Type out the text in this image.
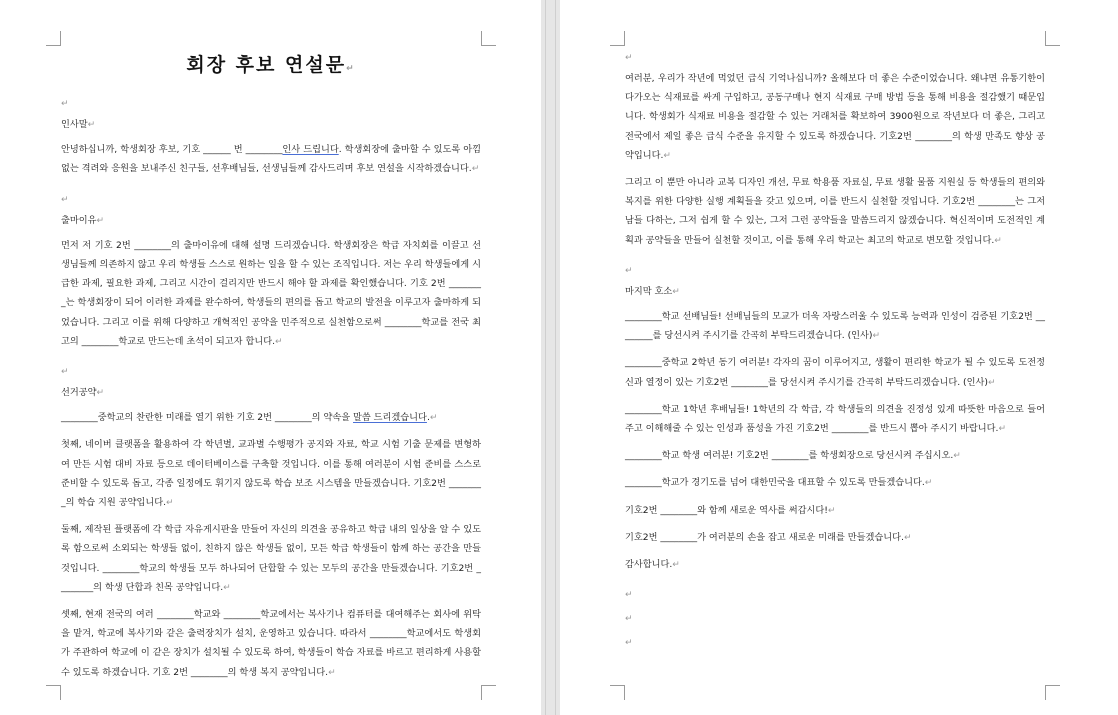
회장 후보 연설문↵
↵
인사말↵
안녕하십니까, 학생회장 후보, 기호 ______ 번 ________인사 드립니다. 학생회장에 출마할 수 있도록 아낌없는 격려와 응원을 보내주신 친구들, 선후배님들, 선생님들께 감사드리며 후보 연설을 시작하겠습니다.↵
↵
출마이유↵
먼저 저 기호 2번 ________의 출마이유에 대해 설명 드리겠습니다. 학생회장은 학급 자치회를 이끌고 선생님들께 의존하지 않고 우리 학생들 스스로 원하는 일을 할 수 있는 조직입니다. 저는 우리 학생들에게 시급한 과제, 필요한 과제, 그리고 시간이 걸리지만 반드시 해야 할 과제를 확인했습니다. 기호 2번 ________는 학생회장이 되어 이러한 과제를 완수하여, 학생들의 편의를 돕고 학교의 발전을 이루고자 출마하게 되었습니다. 그리고 이를 위해 다양하고 개혁적인 공약을 민주적으로 실천함으로써 ________학교를 전국 최고의 ________학교로 만드는데 초석이 되고자 합니다.↵
↵
선거공약↵
________중학교의 찬란한 미래를 열기 위한 기호 2번 ________의 약속을 말씀 드리겠습니다.↵
첫째, 네이버 클랫폼을 활용하여 각 학년별, 교과별 수행평가 공지와 자료, 학교 시험 기출 문제를 변형하여 만든 시험 대비 자료 등으로 데이터베이스를 구축할 것입니다. 이를 통해 여러분이 시험 준비를 스스로 준비할 수 있도록 돕고, 각종 일정에도 휘기지 않도록 학습 보조 시스템을 만들겠습니다. 기호2번 ________의 학습 지원 공약입니다.↵
둘째, 제작된 플랫폼에 각 학급 자유게시판을 만들어 자신의 의견을 공유하고 학급 내의 일상을 알 수 있도록 함으로써 소외되는 학생들 없이, 친하지 않은 학생들 없이, 모든 학급 학생들이 함께 하는 공간을 만들 것입니다. ________학교의 학생들 모두 하나되어 단합할 수 있는 모두의 공간을 만들겠습니다. 기호2번 ________의 학생 단합과 친목 공약입니다.↵
셋째, 현재 전국의 여러 ________학교와 ________학교에서는 복사기나 컴퓨터를 대여해주는 회사에 위탁을 맡겨, 학교에 복사기와 같은 출력장치가 설치, 운영하고 있습니다. 따라서 ________학교에서도 학생회가 주관하여 학교에 이 같은 장치가 설치될 수 있도록 하여, 학생들이 학습 자료를 바르고 편리하게 사용할 수 있도록 하겠습니다. 기호 2번 ________의 학생 복지 공약입니다.↵
↵
여러분, 우리가 작년에 먹었던 급식 기억나십니까? 올해보다 더 좋은 수준이었습니다. 왜냐면 유통기한이 다가오는 식재료를 싸게 구입하고, 공동구매나 현지 식재료 구매 방법 등을 통해 비용을 절감했기 때문입니다. 학생회가 식재료 비용을 절감할 수 있는 거래처를 확보하여 3900원으로 작년보다 더 좋은, 그리고 전국에서 제일 좋은 급식 수준을 유지할 수 있도록 하겠습니다. 기호2번 ________의 학생 만족도 향상 공약입니다.↵
그리고 이 뿐만 아니라 교복 디자인 개선, 무료 학용품 자료실, 무료 생활 물품 지원실 등 학생들의 편의와 복지를 위한 다양한 실행 계획들을 갖고 있으며, 이를 반드시 실천할 것입니다. 기호2번 ________는 그저 남들 다하는, 그저 쉽게 할 수 있는, 그저 그런 공약들을 말씀드리지 않겠습니다. 혁신적이며 도전적인 계획과 공약들을 만들어 실천할 것이고, 이를 통해 우리 학교는 최고의 학교로 변모할 것입니다.↵
↵
마지막 호소↵
________학교 선배님들! 선배님들의 모교가 더욱 자랑스러울 수 있도록 능력과 인성이 검증된 기호2번 ________를 당선시켜 주시기를 간곡히 부탁드리겠습니다. (인사)↵
________중학교 2학년 동기 여러분! 각자의 꿈이 이루어지고, 생활이 편리한 학교가 될 수 있도록 도전정신과 열정이 있는 기호2번 ________를 당선시켜 주시기를 간곡히 부탁드리겠습니다. (인사)↵
________학교 1학년 후배님들! 1학년의 각 학급, 각 학생들의 의견을 진정성 있게 따뜻한 마음으로 들어주고 이해해줄 수 있는 인성과 품성을 가진 기호2번 ________를 반드시 뽑아 주시기 바랍니다.↵
________학교 학생 여러분! 기호2번 ________를 학생회장으로 당선시켜 주십시오.↵
________학교가 경기도를 넘어 대한민국을 대표할 수 있도록 만들겠습니다.↵
기호2번 ________와 함께 새로운 역사를 써갑시다!↵
기호2번 ________가 여러분의 손을 잡고 새로운 미래를 만들겠습니다.↵
감사합니다.↵
↵
↵
↵
